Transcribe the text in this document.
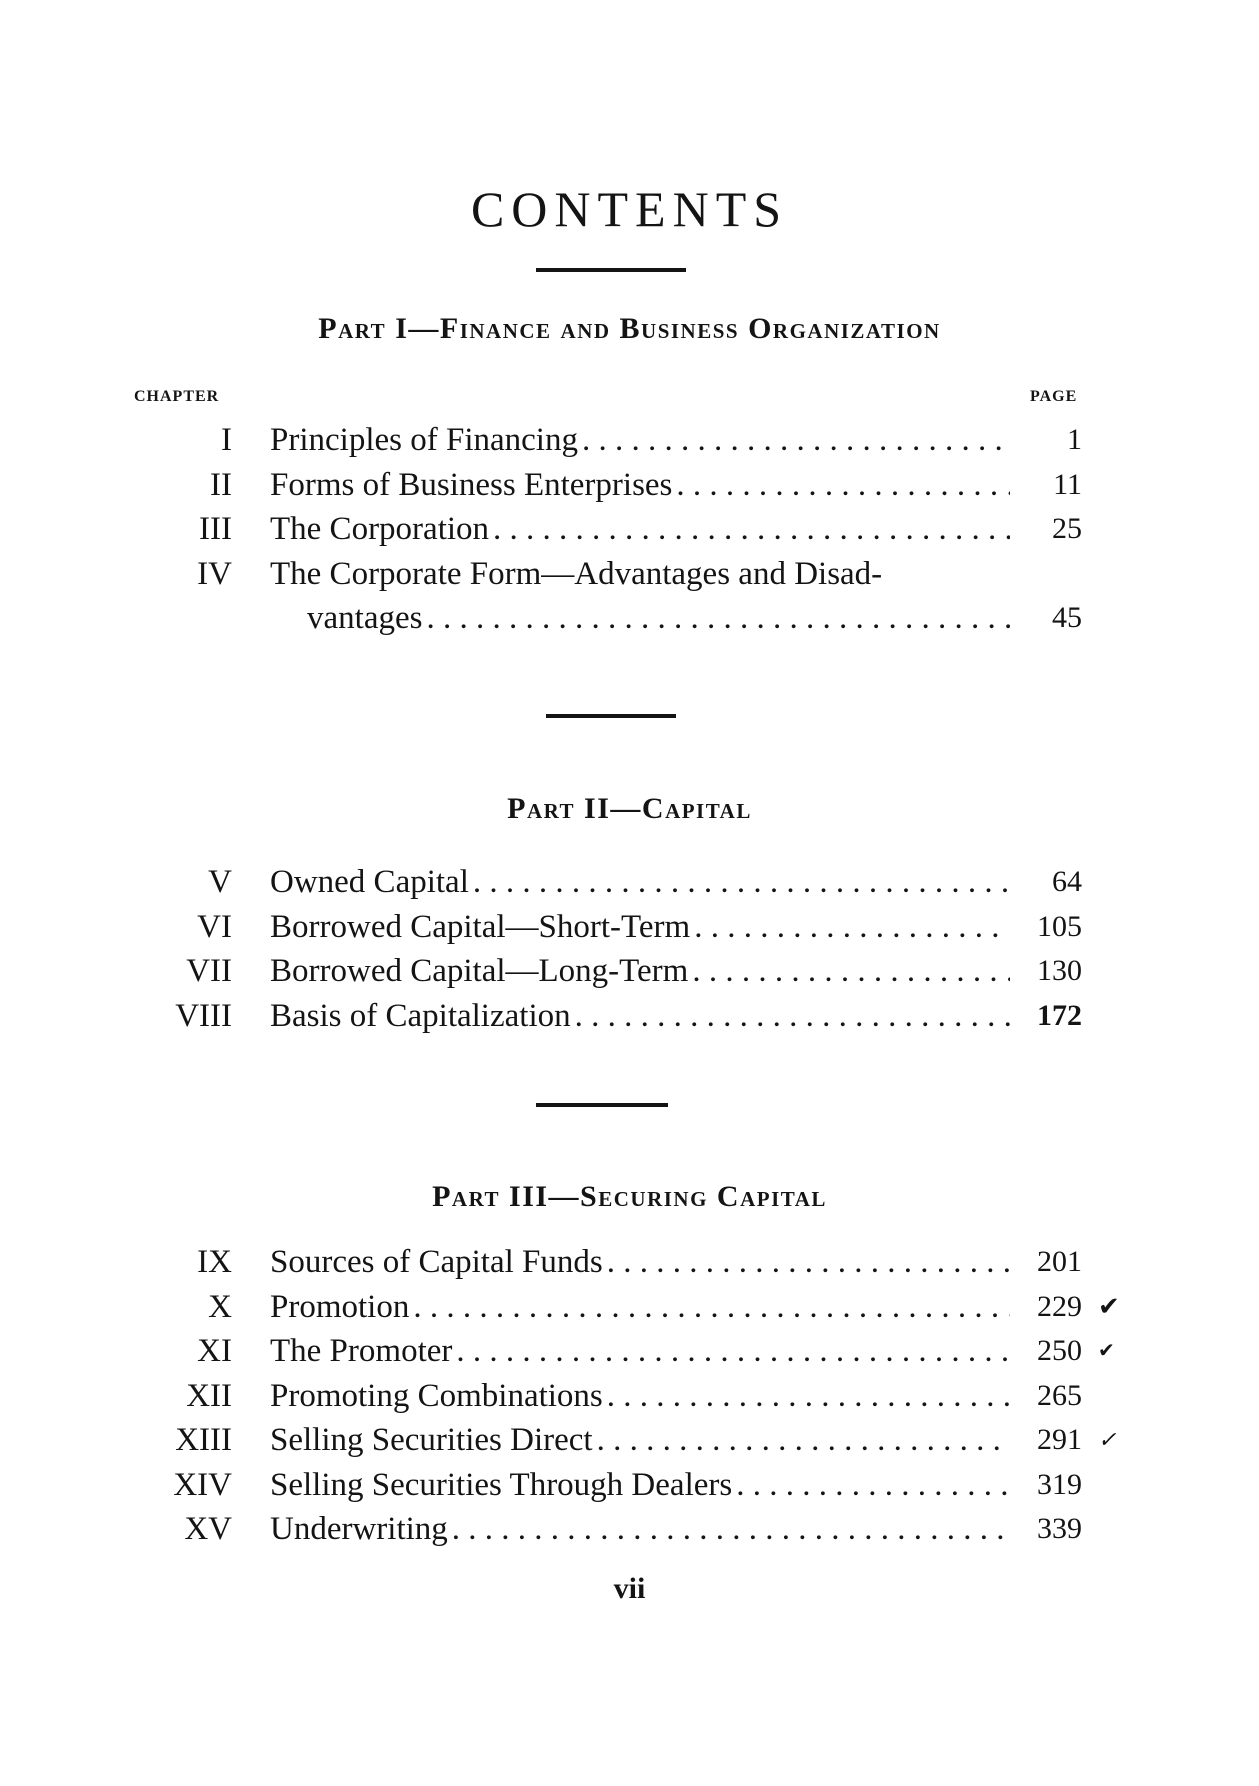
CONTENTS
Part I—Finance and Business Organization
CHAPTER	PAGE
I Principles of Financing . . .	1
II Forms of Business Enterprises . . .	11
III The Corporation . . .	25
IV The Corporate Form—Advantages and Disad-
vantages . . .	45
Part II—Capital
V Owned Capital . . .	64
VI Borrowed Capital—Short-Term . . .	105
VII Borrowed Capital—Long-Term . . .	130
VIII Basis of Capitalization . . .	172
Part III—Securing Capital
IX Sources of Capital Funds . . .	201
X Promotion . . .	229 ✔
XI The Promoter . . .	250 ✔
XII Promoting Combinations . . .	265
XIII Selling Securities Direct . . .	291 ✓
XIV Selling Securities Through Dealers . . .	319
XV Underwriting . . .	339
vii
